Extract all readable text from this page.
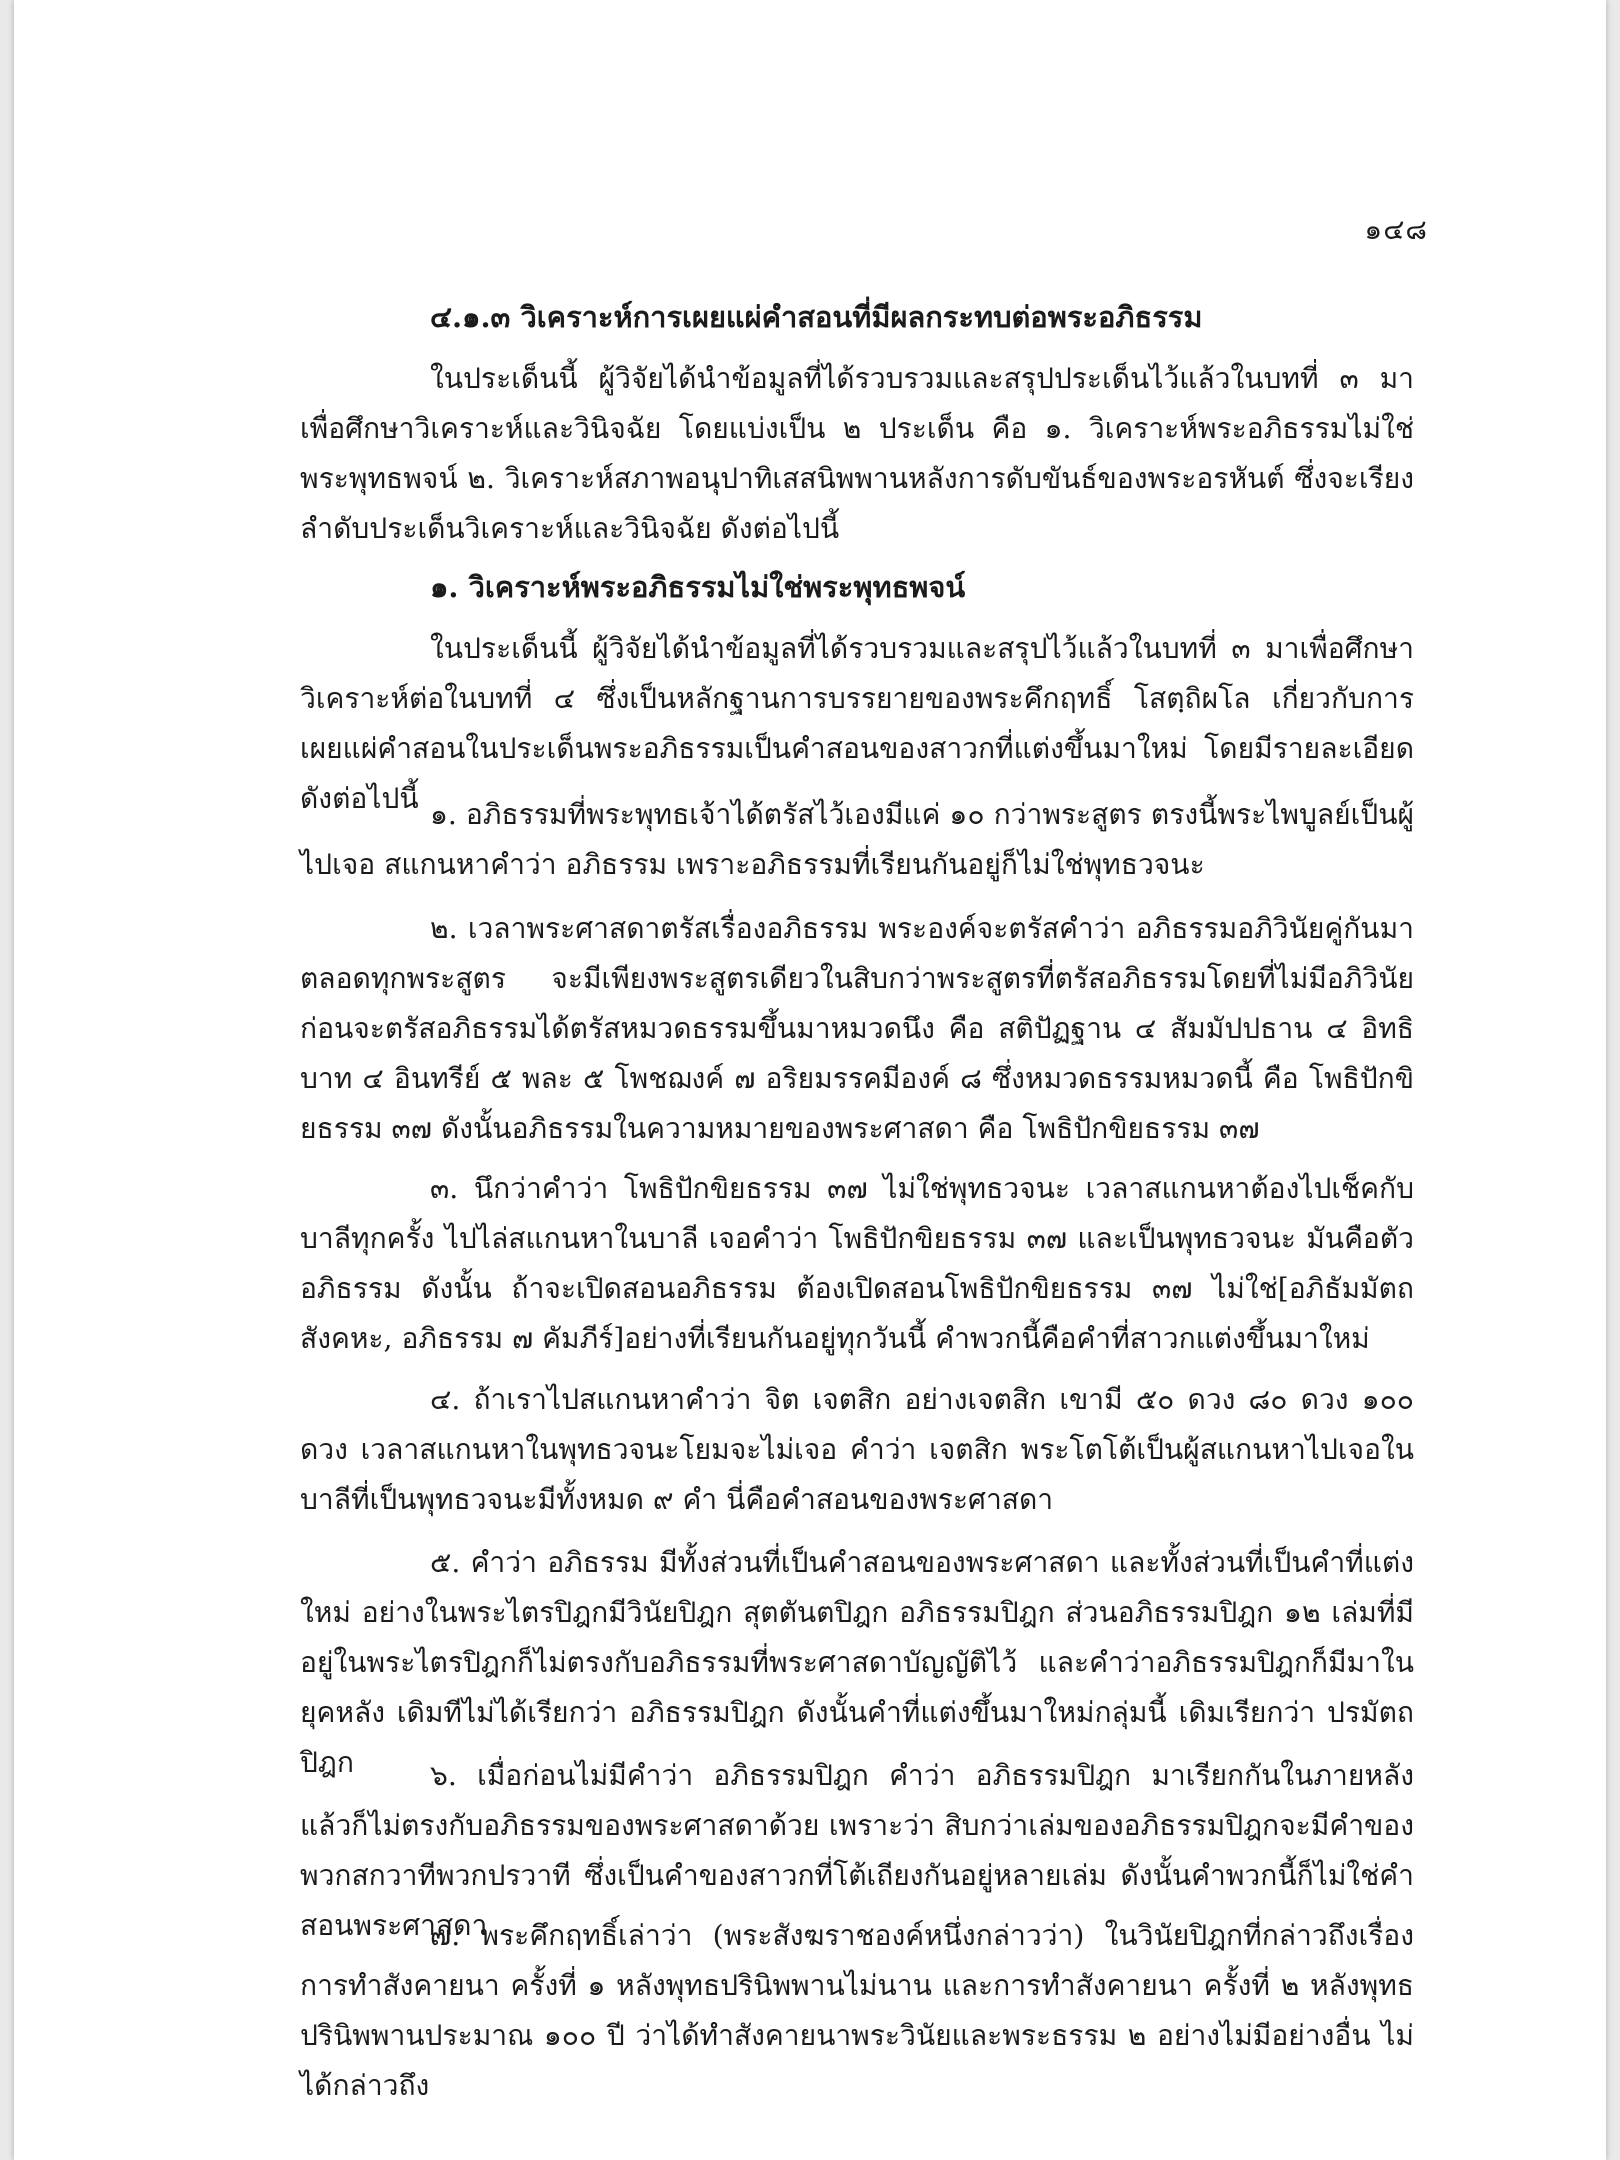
๑๔๘
๔.๑.๓ วิเคราะห์การเผยแผ่คำสอนที่มีผลกระทบต่อพระอภิธรรม

ในประเด็นนี้ ผู้วิจัยได้นำข้อมูลที่ได้รวบรวมและสรุปประเด็นไว้แล้วในบทที่ ๓ มาเพื่อศึกษาวิเคราะห์และวินิจฉัย โดยแบ่งเป็น ๒ ประเด็น คือ ๑. วิเคราะห์พระอภิธรรมไม่ใช่พระพุทธพจน์ ๒. วิเคราะห์สภาพอนุปาทิเสสนิพพานหลังการดับขันธ์ของพระอรหันต์ ซึ่งจะเรียงลำดับประเด็นวิเคราะห์และวินิจฉัย ดังต่อไปนี้

๑. วิเคราะห์พระอภิธรรมไม่ใช่พระพุทธพจน์

ในประเด็นนี้ ผู้วิจัยได้นำข้อมูลที่ได้รวบรวมและสรุปไว้แล้วในบทที่ ๓ มาเพื่อศึกษาวิเคราะห์ต่อในบทที่ ๔ ซึ่งเป็นหลักฐานการบรรยายของพระคึกฤทธิ์ โสตฺถิผโล เกี่ยวกับการเผยแผ่คำสอนในประเด็นพระอภิธรรมเป็นคำสอนของสาวกที่แต่งขึ้นมาใหม่ โดยมีรายละเอียดดังต่อไปนี้ ๑. อภิธรรมที่พระพุทธเจ้าได้ตรัสไว้เองมีแค่ ๑๐ กว่าพระสูตร ตรงนี้พระไพบูลย์เป็นผู้ไปเจอ สแกนหาคำว่า อภิธรรม เพราะอภิธรรมที่เรียนกันอยู่ก็ไม่ใช่พุทธวจนะ

๒. เวลาพระศาสดาตรัสเรื่องอภิธรรม พระองค์จะตรัสคำว่า อภิธรรมอภิวินัยคู่กันมาตลอดทุกพระสูตร จะมีเพียงพระสูตรเดียวในสิบกว่าพระสูตรที่ตรัสอภิธรรมโดยที่ไม่มีอภิวินัย ก่อนจะตรัสอภิธรรมได้ตรัสหมวดธรรมขึ้นมาหมวดนึง คือ สติปัฏฐาน ๔ สัมมัปปธาน ๔ อิทธิบาท ๔ อินทรีย์ ๕ พละ ๕ โพชฌงค์ ๗ อริยมรรคมีองค์ ๘ ซึ่งหมวดธรรมหมวดนี้ คือ โพธิปักขิยธรรม ๓๗ ดังนั้นอภิธรรมในความหมายของพระศาสดา คือ โพธิปักขิยธรรม ๓๗

๓. นึกว่าคำว่า โพธิปักขิยธรรม ๓๗ ไม่ใช่พุทธวจนะ เวลาสแกนหาต้องไปเช็คกับบาลีทุกครั้ง ไปไล่สแกนหาในบาลี เจอคำว่า โพธิปักขิยธรรม ๓๗ และเป็นพุทธวจนะ มันคือตัวอภิธรรม ดังนั้น ถ้าจะเปิดสอนอภิธรรม ต้องเปิดสอนโพธิปักขิยธรรม ๓๗ ไม่ใช่[อภิธัมมัตถสังคหะ, อภิธรรม ๗ คัมภีร์]อย่างที่เรียนกันอยู่ทุกวันนี้ คำพวกนี้คือคำที่สาวกแต่งขึ้นมาใหม่

๔. ถ้าเราไปสแกนหาคำว่า จิต เจตสิก อย่างเจตสิก เขามี ๕๐ ดวง ๘๐ ดวง ๑๐๐ ดวง เวลาสแกนหาในพุทธวจนะโยมจะไม่เจอ คำว่า เจตสิก พระโตโต้เป็นผู้สแกนหาไปเจอในบาลีที่เป็นพุทธวจนะมีทั้งหมด ๙ คำ นี่คือคำสอนของพระศาสดา

๕. คำว่า อภิธรรม มีทั้งส่วนที่เป็นคำสอนของพระศาสดา และทั้งส่วนที่เป็นคำที่แต่งใหม่ อย่างในพระไตรปิฎกมีวินัยปิฎก สุตตันตปิฎก อภิธรรมปิฎก ส่วนอภิธรรมปิฎก ๑๒ เล่มที่มีอยู่ในพระไตรปิฎกก็ไม่ตรงกับอภิธรรมที่พระศาสดาบัญญัติไว้ และคำว่าอภิธรรมปิฎกก็มีมาในยุคหลัง เดิมทีไม่ได้เรียกว่า อภิธรรมปิฎก ดังนั้นคำที่แต่งขึ้นมาใหม่กลุ่มนี้ เดิมเรียกว่า ปรมัตถปิฎก	๖. เมื่อก่อนไม่มีคำว่า อภิธรรมปิฎก คำว่า อภิธรรมปิฎก มาเรียกกันในภายหลัง แล้วก็ไม่ตรงกับอภิธรรมของพระศาสดาด้วย เพราะว่า สิบกว่าเล่มของอภิธรรมปิฎกจะมีคำของพวกสกวาทีพวกปรวาที ซึ่งเป็นคำของสาวกที่โต้เถียงกันอยู่หลายเล่ม ดังนั้นคำพวกนี้ก็ไม่ใช่คำสอนพระศาสดา

๗. พระคึกฤทธิ์เล่าว่า (พระสังฆราชองค์หนึ่งกล่าวว่า) ในวินัยปิฎกที่กล่าวถึงเรื่องการทำสังคายนา ครั้งที่ ๑ หลังพุทธปรินิพพานไม่นาน และการทำสังคายนา ครั้งที่ ๒ หลังพุทธปรินิพพานประมาณ ๑๐๐ ปี ว่าได้ทำสังคายนาพระวินัยและพระธรรม ๒ อย่างไม่มีอย่างอื่น ไม่ได้กล่าวถึง
